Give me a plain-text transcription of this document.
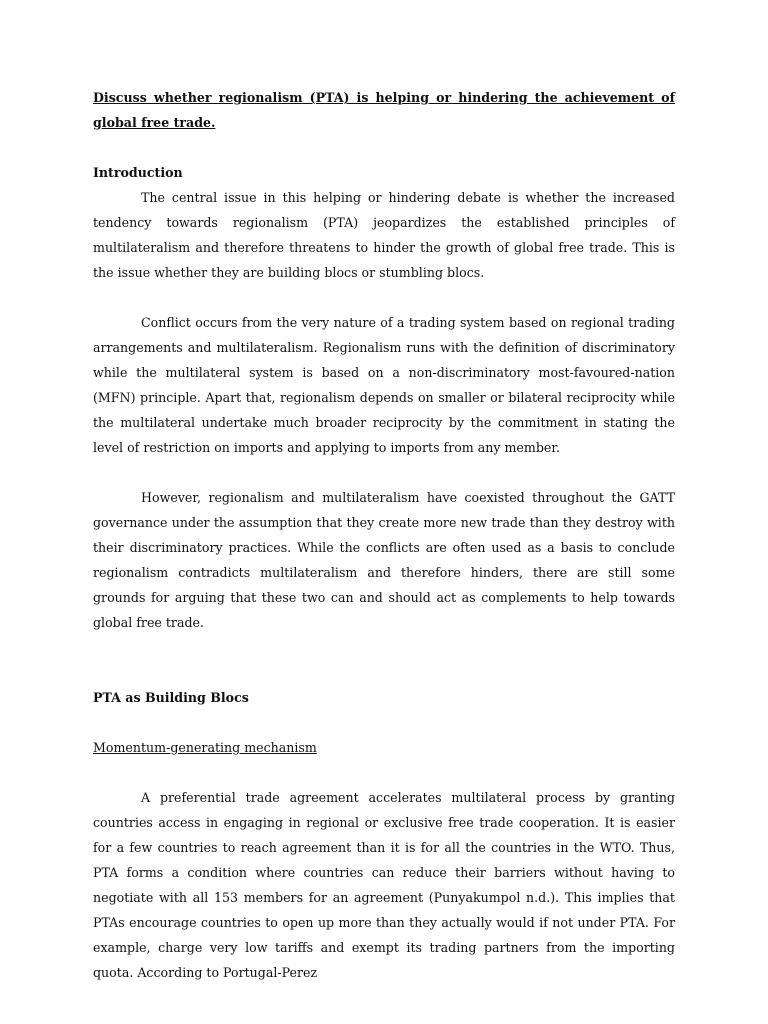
Discuss whether regionalism (PTA) is helping or hindering the achievement of global free trade.
Introduction

The central issue in this helping or hindering debate is whether the increased tendency towards regionalism (PTA) jeopardizes the established principles of multilateralism and therefore threatens to hinder the growth of global free trade. This is the issue whether they are building blocs or stumbling blocs.

Conflict occurs from the very nature of a trading system based on regional trading arrangements and multilateralism. Regionalism runs with the definition of discriminatory while the multilateral system is based on a non-discriminatory most-favoured-nation (MFN) principle. Apart that, regionalism depends on smaller or bilateral reciprocity while the multilateral undertake much broader reciprocity by the commitment in stating the level of restriction on imports and applying to imports from any member.

However, regionalism and multilateralism have coexisted throughout the GATT governance under the assumption that they create more new trade than they destroy with their discriminatory practices. While the conflicts are often used as a basis to conclude regionalism contradicts multilateralism and therefore hinders, there are still some grounds for arguing that these two can and should act as complements to help towards global free trade.

PTA as Building Blocs
Momentum-generating mechanism

A preferential trade agreement accelerates multilateral process by granting countries access in engaging in regional or exclusive free trade cooperation. It is easier for a few countries to reach agreement than it is for all the countries in the WTO. Thus, PTA forms a condition where countries can reduce their barriers without having to negotiate with all 153 members for an agreement (Punyakumpol n.d.). This implies that PTAs encourage countries to open up more than they actually would if not under PTA. For example, charge very low tariffs and exempt its trading partners from the importing quota. According to Portugal-Perez
